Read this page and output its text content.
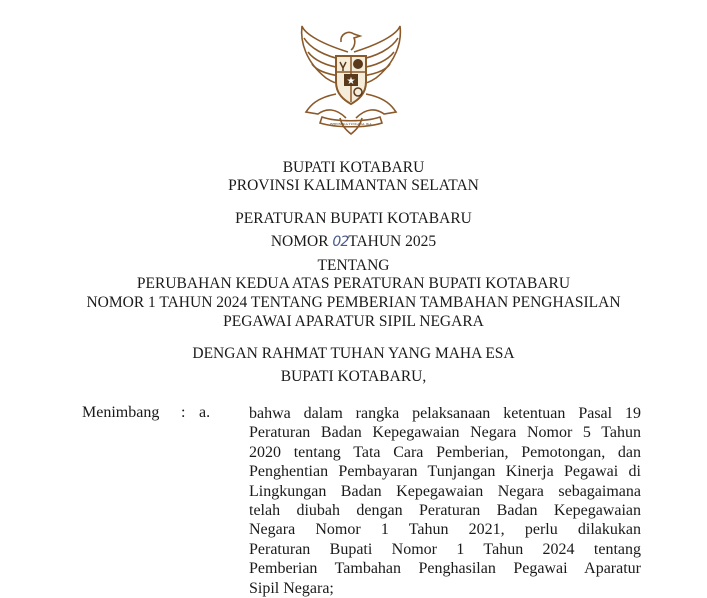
★
BHINNEKA TUNGGAL IKA
BUPATI KOTABARU
PROVINSI KALIMANTAN SELATAN
PERATURAN BUPATI KOTABARU
NOMOR 02TAHUN 2025
TENTANG
PERUBAHAN KEDUA ATAS PERATURAN BUPATI KOTABARU
NOMOR 1 TAHUN 2024 TENTANG PEMBERIAN TAMBAHAN PENGHASILAN
PEGAWAI APARATUR SIPIL NEGARA
DENGAN RAHMAT TUHAN YANG MAHA ESA
BUPATI KOTABARU,
Menimbang : a. bahwa dalam rangka pelaksanaan ketentuan Pasal 19
Peraturan Badan Kepegawaian Negara Nomor 5 Tahun
2020 tentang Tata Cara Pemberian, Pemotongan, dan
Penghentian Pembayaran Tunjangan Kinerja Pegawai di
Lingkungan Badan Kepegawaian Negara sebagaimana
telah diubah dengan Peraturan Badan Kepegawaian
Negara Nomor 1 Tahun 2021, perlu dilakukan
Peraturan Bupati Nomor 1 Tahun 2024 tentang
Pemberian Tambahan Penghasilan Pegawai Aparatur
Sipil Negara;
